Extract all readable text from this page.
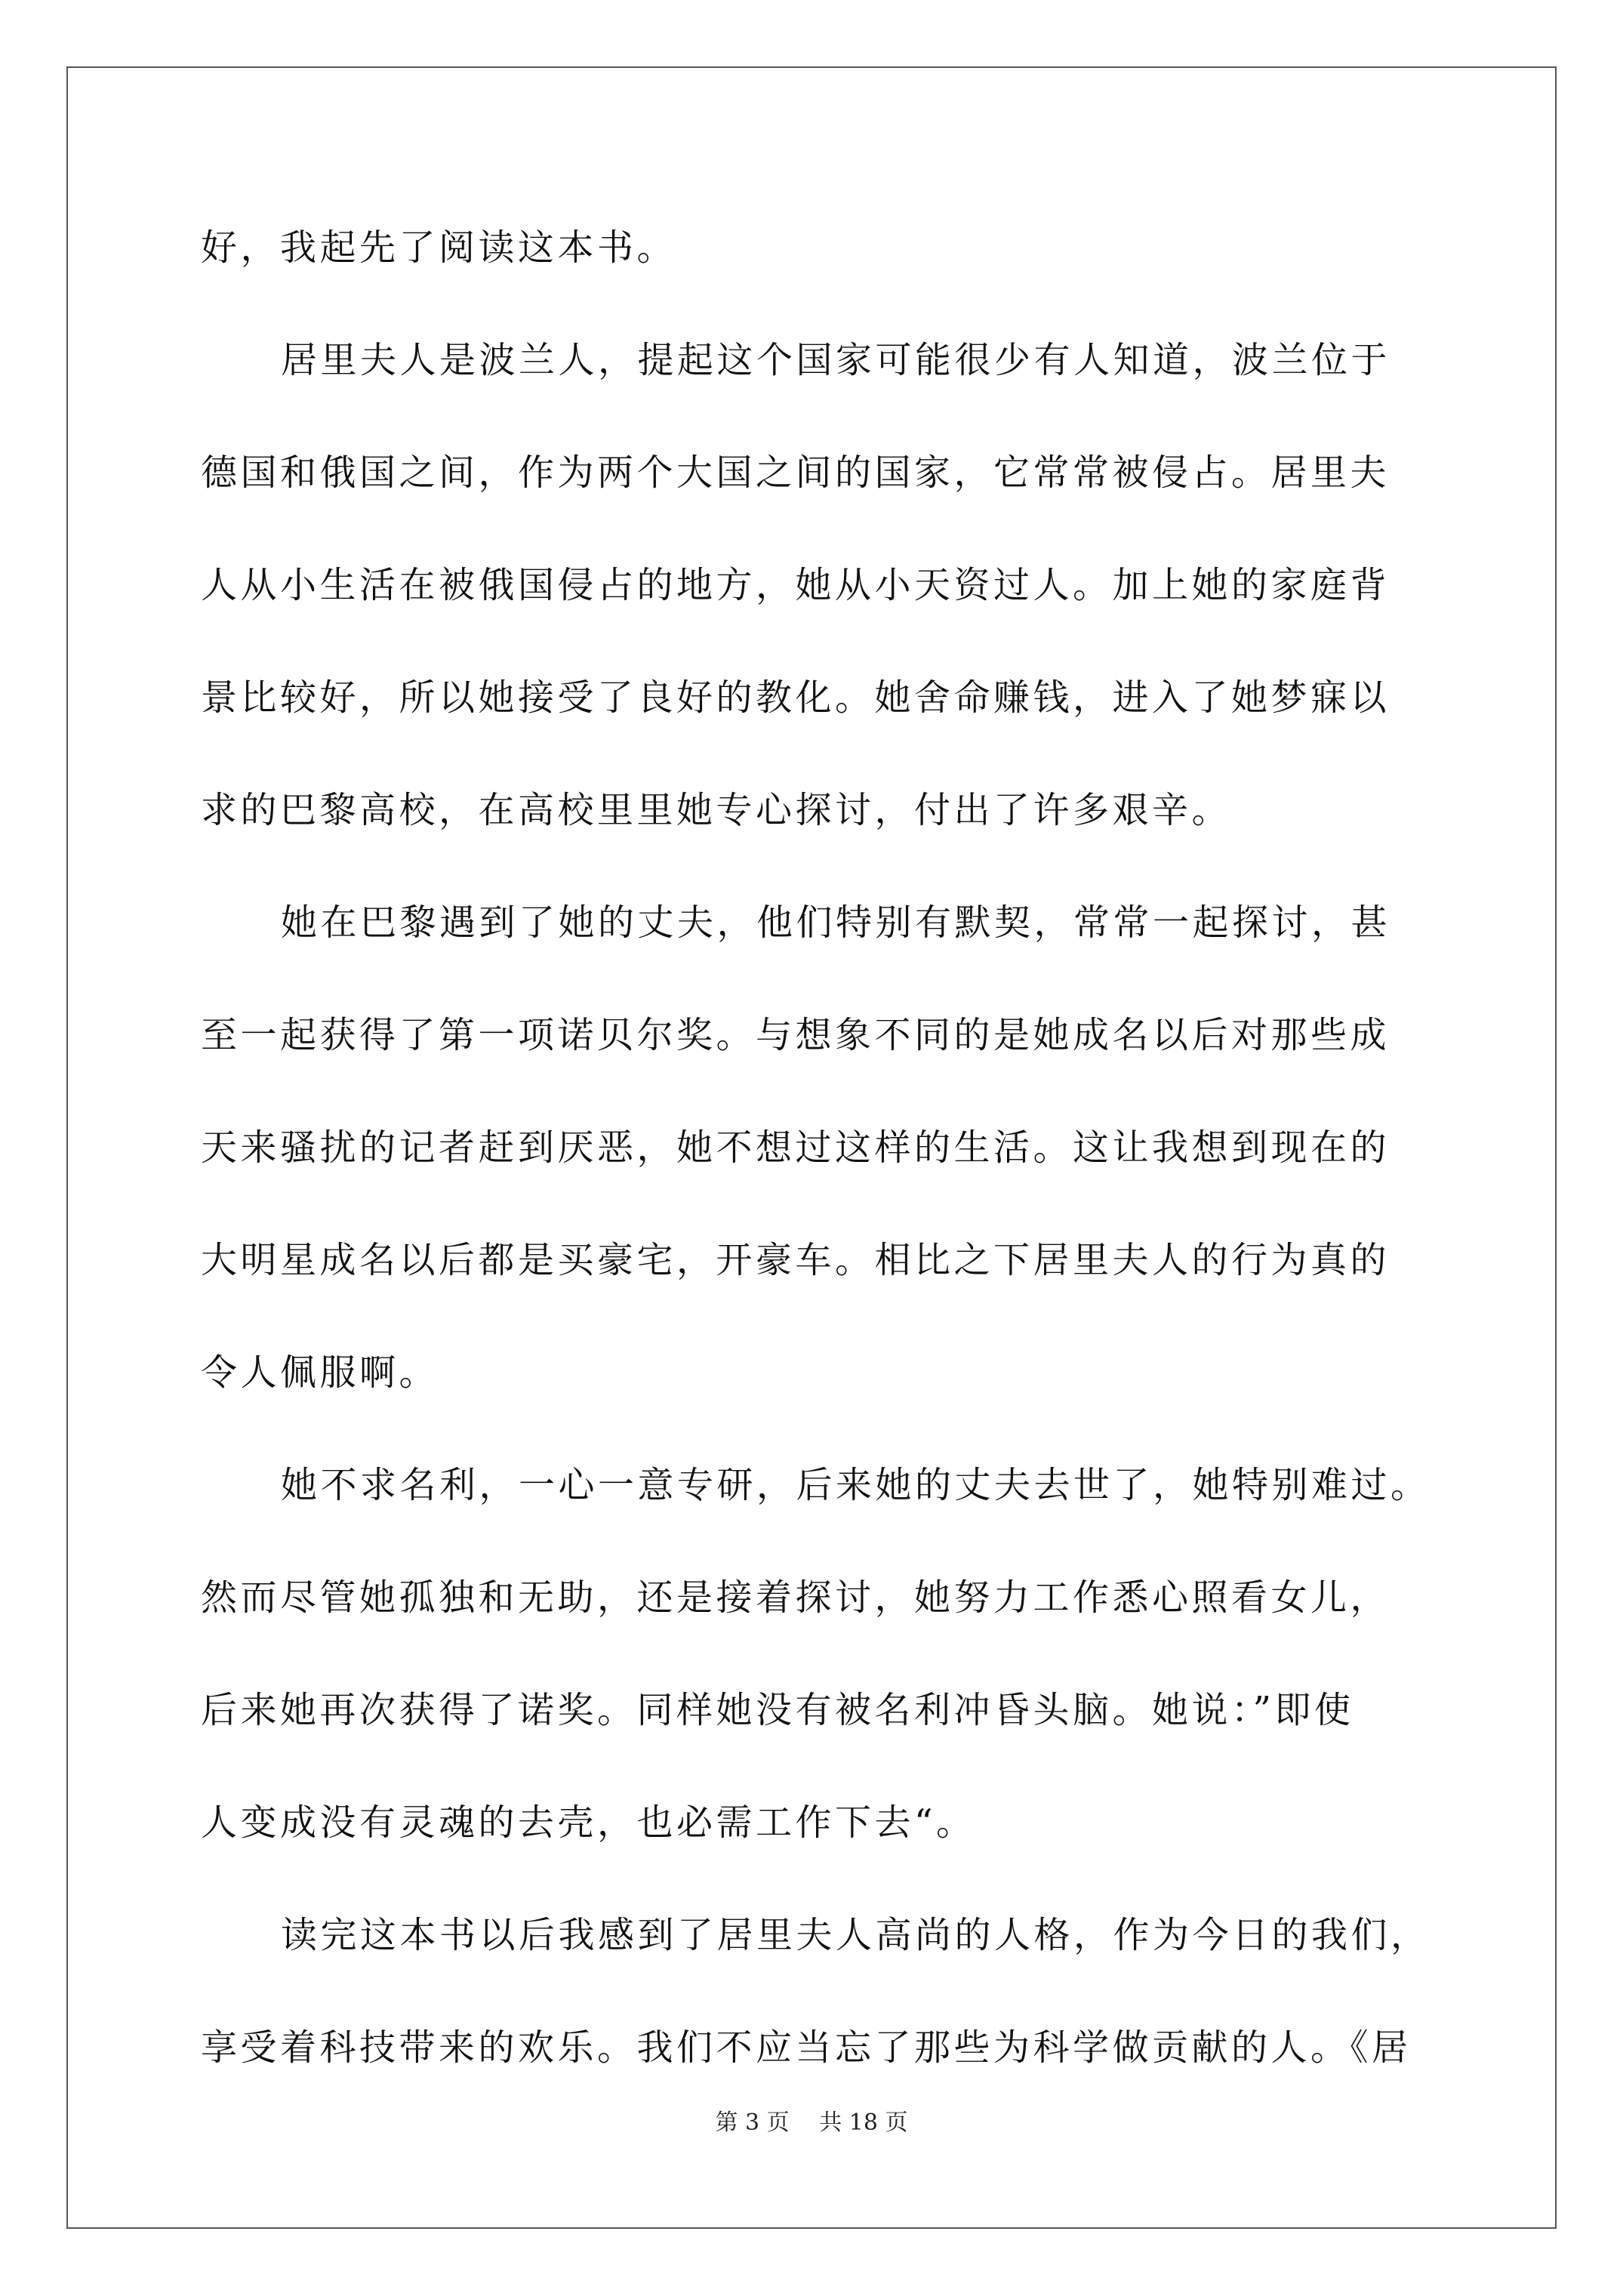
好，我起先了阅读这本书。
居里夫人是波兰人，提起这个国家可能很少有人知道，波兰位于
德国和俄国之间，作为两个大国之间的国家，它常常被侵占。居里夫
人从小生活在被俄国侵占的地方，她从小天资过人。加上她的家庭背
景比较好，所以她接受了良好的教化。她舍命赚钱，进入了她梦寐以
求的巴黎高校，在高校里里她专心探讨，付出了许多艰辛。
她在巴黎遇到了她的丈夫，他们特别有默契，常常一起探讨，甚
至一起获得了第一项诺贝尔奖。与想象不同的是她成名以后对那些成
天来骚扰的记者赶到厌恶，她不想过这样的生活。这让我想到现在的
大明星成名以后都是买豪宅，开豪车。相比之下居里夫人的行为真的
令人佩服啊。
她不求名利，一心一意专研，后来她的丈夫去世了，她特别难过。
然而尽管她孤独和无助，还是接着探讨，她努力工作悉心照看女儿，
后来她再次获得了诺奖。同样她没有被名利冲昏头脑。她说：”即使
人变成没有灵魂的去壳，也必需工作下去“。
读完这本书以后我感到了居里夫人高尚的人格，作为今日的我们，
享受着科技带来的欢乐。我们不应当忘了那些为科学做贡献的人。《居
第 3 页　 共 18 页
